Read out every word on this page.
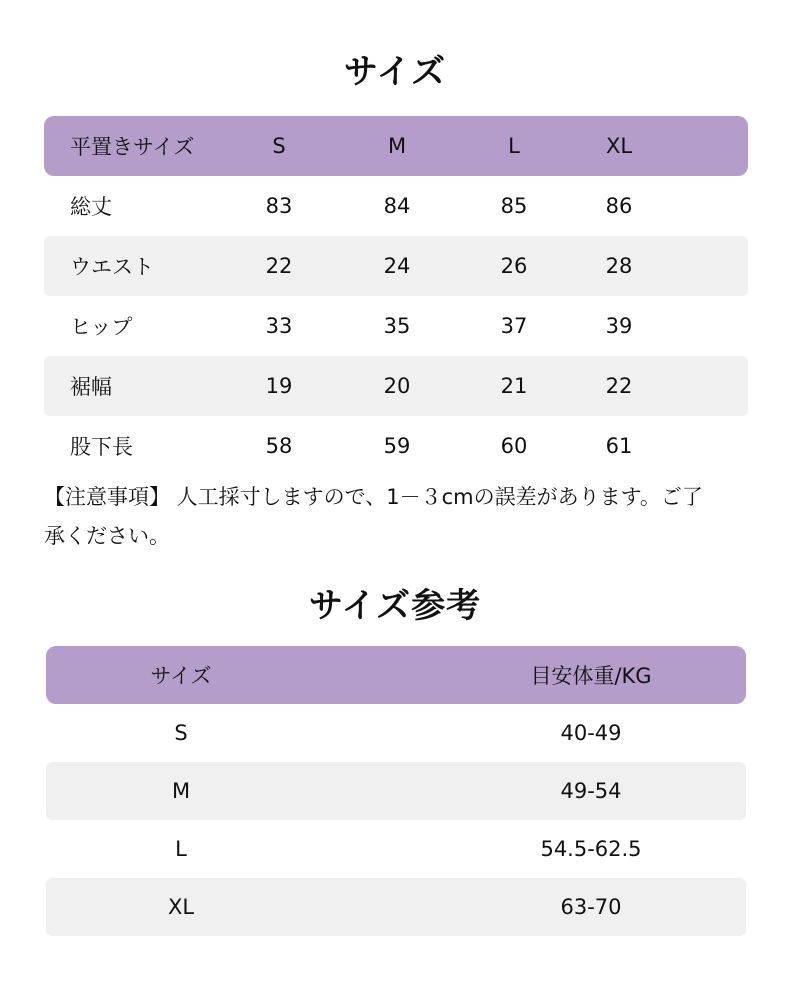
サイズ
平置きサイズ	S	M	L	XL
総丈	83	84	85	86
ウエスト	22	24	26	28
ヒップ	33	35	37	39
裾幅	19	20	21	22
股下長	58	59	60	61
【注意事項】 人工採寸しますので、1－３cmの誤差があります。ご了
承ください。
サイズ参考
サイズ	目安体重/KG
S	40-49
M	49-54
L	54.5-62.5
XL	63-70
